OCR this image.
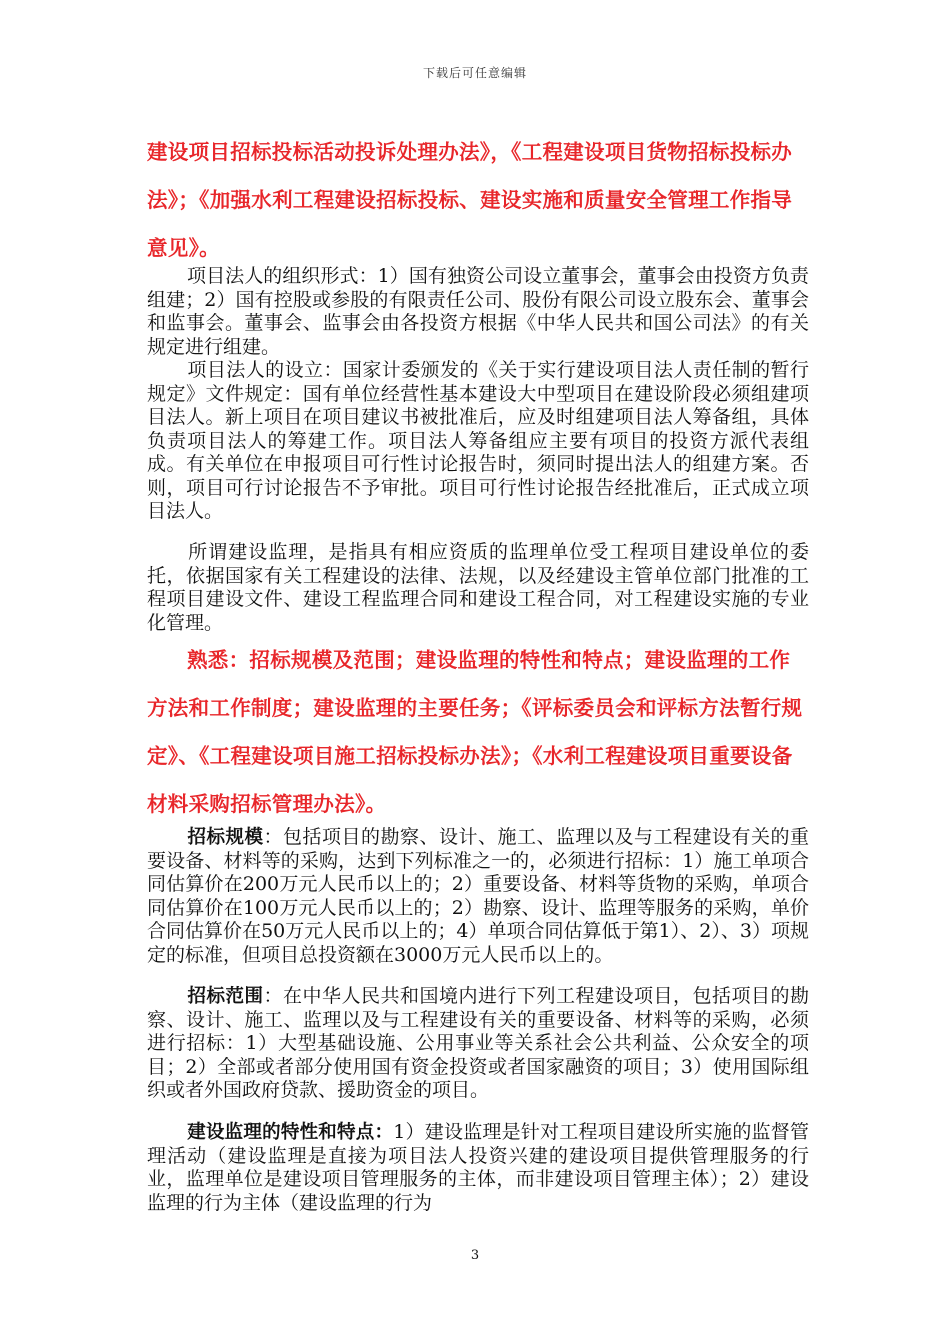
下载后可任意编辑

建设项目招标投标活动投诉处理办法》，《工程建设项目货物招标投标办法》；《加强水利工程建设招标投标、建设实施和质量安全管理工作指导意见》。

项目法人的组织形式：1）国有独资公司设立董事会，董事会由投资方负责组建；2）国有控股或参股的有限责任公司、股份有限公司设立股东会、董事会和监事会。董事会、监事会由各投资方根据《中华人民共和国公司法》的有关规定进行组建。

项目法人的设立：国家计委颁发的《关于实行建设项目法人责任制的暂行规定》文件规定：国有单位经营性基本建设大中型项目在建设阶段必须组建项目法人。新上项目在项目建议书被批准后，应及时组建项目法人筹备组，具体负责项目法人的筹建工作。项目法人筹备组应主要有项目的投资方派代表组成。有关单位在申报项目可行性讨论报告时，须同时提出法人的组建方案。否则，项目可行讨论报告不予审批。项目可行性讨论报告经批准后，正式成立项目法人。

所谓建设监理，是指具有相应资质的监理单位受工程项目建设单位的委托，依据国家有关工程建设的法律、法规，以及经建设主管单位部门批准的工程项目建设文件、建设工程监理合同和建设工程合同，对工程建设实施的专业化管理。

熟悉：招标规模及范围；建设监理的特性和特点；建设监理的工作方法和工作制度；建设监理的主要任务；《评标委员会和评标方法暂行规定》、《工程建设项目施工招标投标办法》；《水利工程建设项目重要设备材料采购招标管理办法》。

招标规模：包括项目的勘察、设计、施工、监理以及与工程建设有关的重要设备、材料等的采购，达到下列标准之一的，必须进行招标：1）施工单项合同估算价在200万元人民币以上的；2）重要设备、材料等货物的采购，单项合同估算价在100万元人民币以上的；2）勘察、设计、监理等服务的采购，单价合同估算价在50万元人民币以上的；4）单项合同估算低于第1）、2）、3）项规定的标准，但项目总投资额在3000万元人民币以上的。

招标范围：在中华人民共和国境内进行下列工程建设项目，包括项目的勘察、设计、施工、监理以及与工程建设有关的重要设备、材料等的采购，必须进行招标：1）大型基础设施、公用事业等关系社会公共利益、公众安全的项目；2）全部或者部分使用国有资金投资或者国家融资的项目；3）使用国际组织或者外国政府贷款、援助资金的项目。

建设监理的特性和特点：1）建设监理是针对工程项目建设所实施的监督管理活动（建设监理是直接为项目法人投资兴建的建设项目提供管理服务的行业，监理单位是建设项目管理服务的主体，而非建设项目管理主体）；2）建设监理的行为主体（建设监理的行为

3
